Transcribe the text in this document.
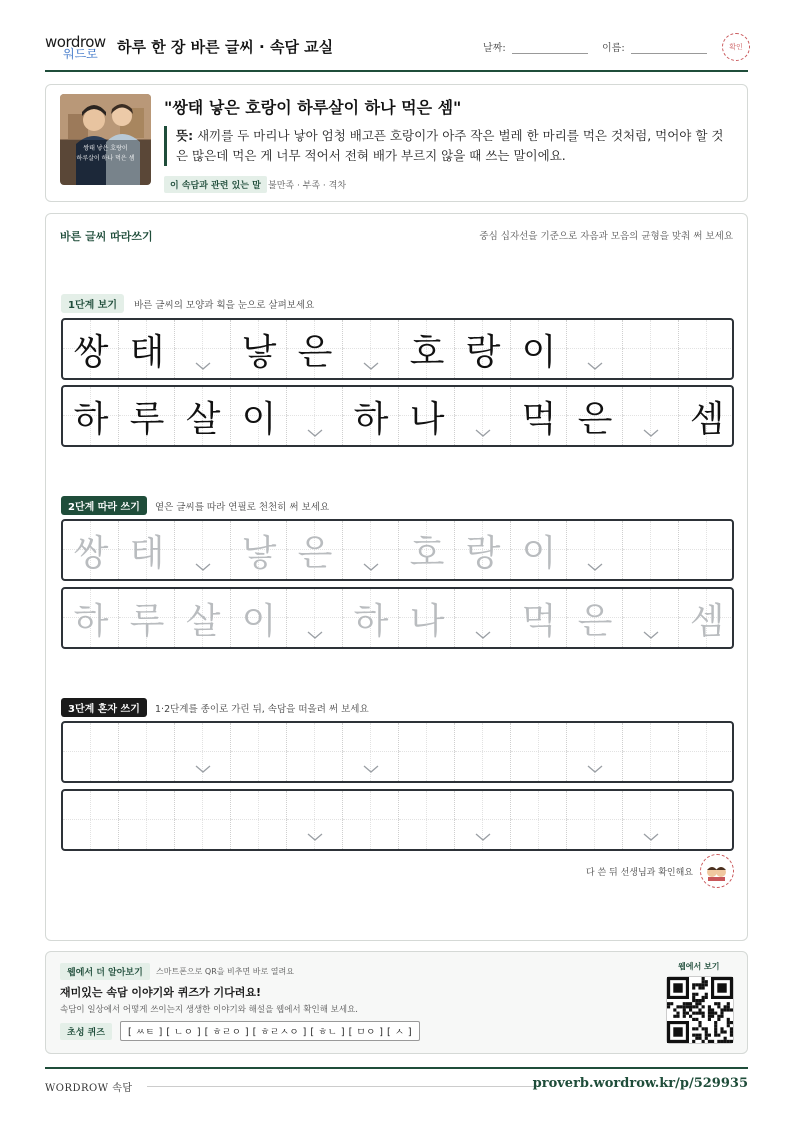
wordrow
워드로 하루 한 장 바른 글씨 · 속담 교실	날짜:	이름:	확인
쌍태 낳은 호랑이
하루살이 하나 먹은 셈
"쌍태 낳은 호랑이 하루살이 하나 먹은 셈"
뜻: 새끼를 두 마리나 낳아 엄청 배고픈 호랑이가 아주 작은 벌레 한 마리를 먹은 것처럼, 먹어야 할 것은 많은데 먹은 게 너무 적어서 전혀 배가 부르지 않을 때 쓰는 말이에요.
이 속담과 관련 있는 말 불만족 · 부족 · 격차
바른 글씨 따라쓰기	중심 십자선을 기준으로 자음과 모음의 균형을 맞춰 써 보세요
1단계 보기	바른 글씨의 모양과 획을 눈으로 살펴보세요
쌍 태 낳 은 호 랑 이
하 루 살 이 하 나 먹 은 셈
2단계 따라 쓰기	옅은 글씨를 따라 연필로 천천히 써 보세요
쌍 태 낳 은 호 랑 이
하 루 살 이 하 나 먹 은 셈
3단계 혼자 쓰기	1·2단계를 종이로 가린 뒤, 속담을 떠올려 써 보세요
다 쓴 뒤 선생님과 확인해요
웹에서 더 알아보기	스마트폰으로 QR을 비추면 바로 열려요
재미있는 속담 이야기와 퀴즈가 기다려요!
속담이 일상에서 어떻게 쓰이는지 생생한 이야기와 해설을 웹에서 확인해 보세요.
초성 퀴즈	[ ㅆㅌ ] [ ㄴㅇ ] [ ㅎㄹㅇ ] [ ㅎㄹㅅㅇ ] [ ㅎㄴ ] [ ㅁㅇ ] [ ㅅ ]
웹에서 보기
WORDROW 속담	proverb.wordrow.kr/p/529935
